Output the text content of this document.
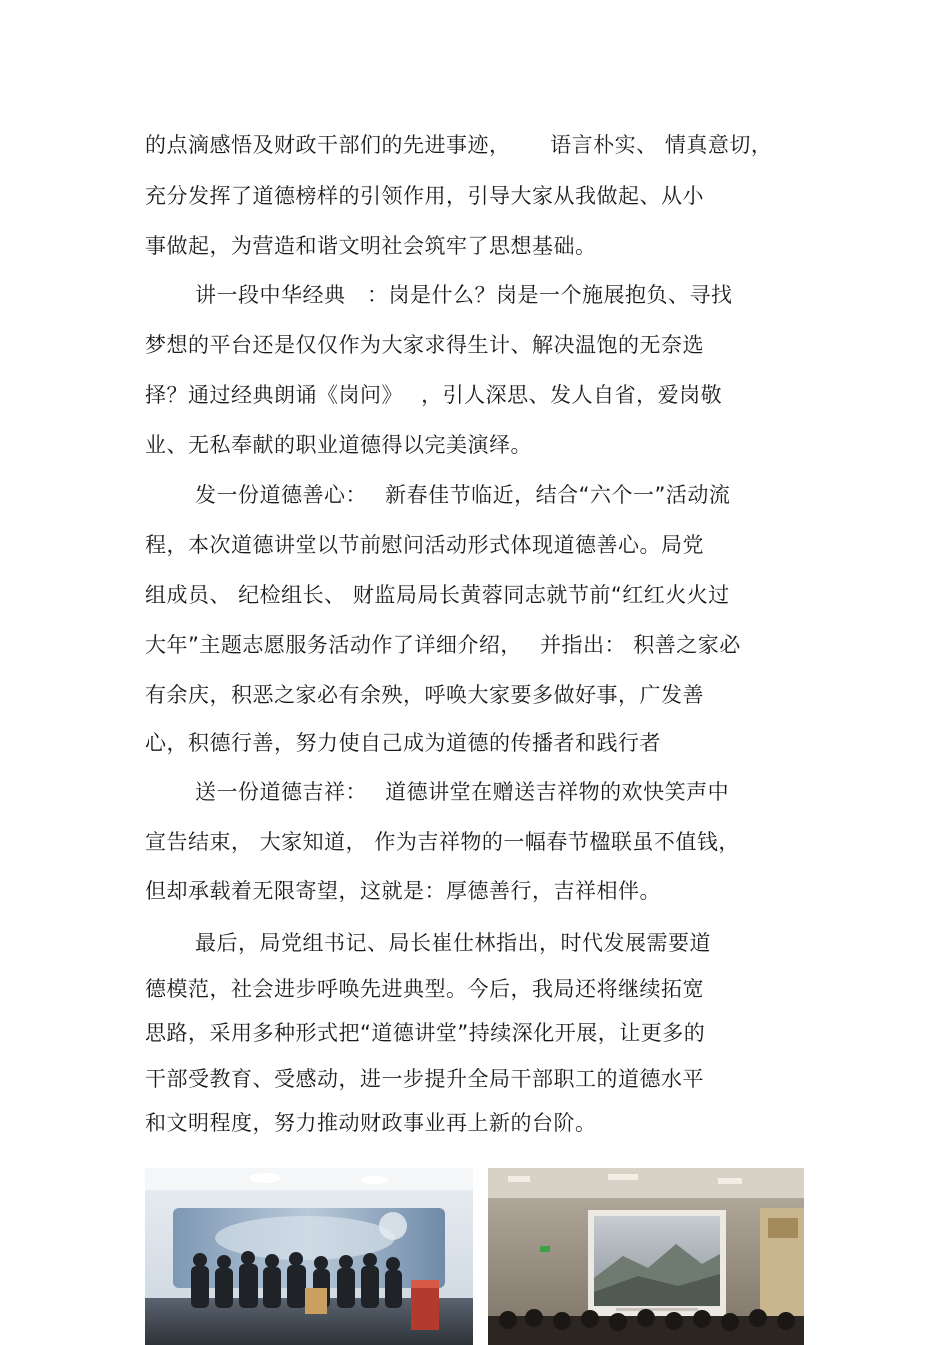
的点滴感悟及财政干部们的先进事迹，　　 语言朴实、 情真意切，
充分发挥了道德榜样的引领作用，引导大家从我做起、从小
事做起，为营造和谐文明社会筑牢了思想基础。
讲一段中华经典　：岗是什么？岗是一个施展抱负、寻找
梦想的平台还是仅仅作为大家求得生计、解决温饱的无奈选
择？通过经典朗诵《岗问》　 ，引人深思、发人自省，爱岗敬
业、无私奉献的职业道德得以完美演绎。
发一份道德善心：　 新春佳节临近，结合“六个一”活动流
程，本次道德讲堂以节前慰问活动形式体现道德善心。局党
组成员、 纪检组长、 财监局局长黄蓉同志就节前“红红火火过
大年”主题志愿服务活动作了详细介绍，　 并指出： 积善之家必
有余庆，积恶之家必有余殃，呼唤大家要多做好事，广发善
心，积德行善，努力使自己成为道德的传播者和践行者
送一份道德吉祥：　 道德讲堂在赠送吉祥物的欢快笑声中
宣告结束， 大家知道， 作为吉祥物的一幅春节楹联虽不值钱，
但却承载着无限寄望，这就是：厚德善行，吉祥相伴。
最后，局党组书记、局长崔仕林指出，时代发展需要道
德模范，社会进步呼唤先进典型。今后，我局还将继续拓宽
思路，采用多种形式把“道德讲堂”持续深化开展，让更多的
干部受教育、受感动，进一步提升全局干部职工的道德水平
和文明程度，努力推动财政事业再上新的台阶。
